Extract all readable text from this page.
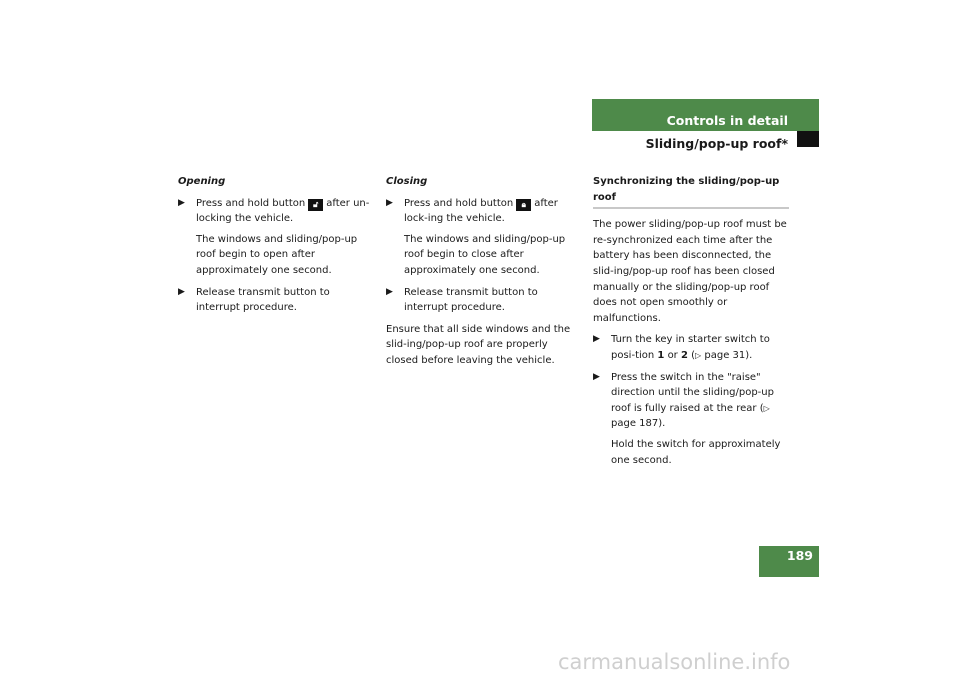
Controls in detail
Sliding/pop-up roof*

Opening

▶ Press and hold button 🔓︎ after un-locking the vehicle.

The windows and sliding/pop-up roof begin to open after approximately one second.

▶ Release transmit button to interrupt procedure.

Closing

▶ Press and hold button 🔒︎ after lock-ing the vehicle.

The windows and sliding/pop-up roof begin to close after approximately one second.

▶ Release transmit button to interrupt procedure.

Ensure that all side windows and the slid-ing/pop-up roof are properly closed before leaving the vehicle.

Synchronizing the sliding/pop-up roof

The power sliding/pop-up roof must be re-synchronized each time after the battery has been disconnected, the slid-ing/pop-up roof has been closed manually or the sliding/pop-up roof does not open smoothly or malfunctions.

▶ Turn the key in starter switch to posi-tion 1 or 2 (▷ page 31).
▶ Press the switch in the "raise" direction until the sliding/pop-up roof is fully raised at the rear (▷ page 187).

Hold the switch for approximately one second.

189
carmanualsonline.info
